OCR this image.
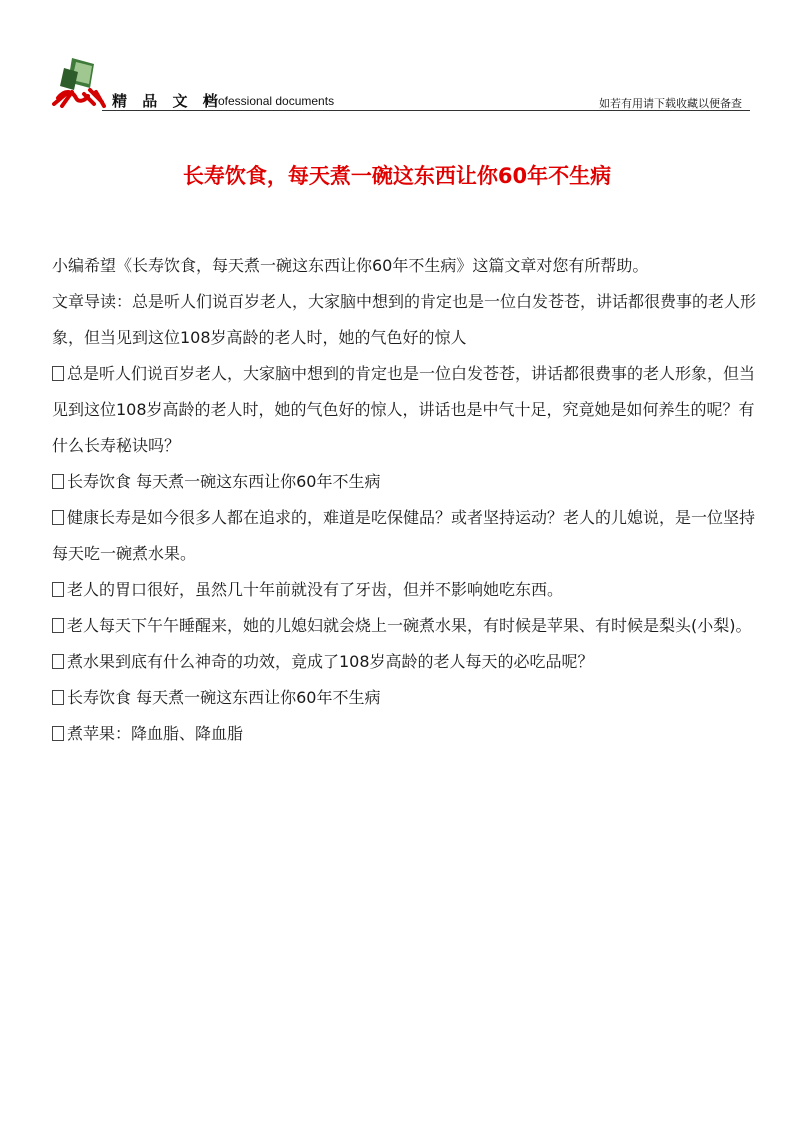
精 品 文 档
Professional documents	如若有用请下载收藏以便备查
长寿饮食，每天煮一碗这东西让你60年不生病
小编希望《长寿饮食，每天煮一碗这东西让你60年不生病》这篇文章对您有所帮助。
文章导读：总是听人们说百岁老人，大家脑中想到的肯定也是一位白发苍苍，讲话都很费事的老人形象，但当见到这位108岁高龄的老人时，她的气色好的惊人
总是听人们说百岁老人，大家脑中想到的肯定也是一位白发苍苍，讲话都很费事的老人形象，但当见到这位108岁高龄的老人时，她的气色好的惊人，讲话也是中气十足，究竟她是如何养生的呢？有什么长寿秘诀吗？
长寿饮食 每天煮一碗这东西让你60年不生病
健康长寿是如今很多人都在追求的，难道是吃保健品？或者坚持运动？老人的儿媳说，是一位坚持每天吃一碗煮水果。
老人的胃口很好，虽然几十年前就没有了牙齿，但并不影响她吃东西。
老人每天下午午睡醒来，她的儿媳妇就会烧上一碗煮水果，有时候是苹果、有时候是梨头(小梨)。
煮水果到底有什么神奇的功效，竟成了108岁高龄的老人每天的必吃品呢？
长寿饮食 每天煮一碗这东西让你60年不生病
煮苹果：降血脂、降血脂
